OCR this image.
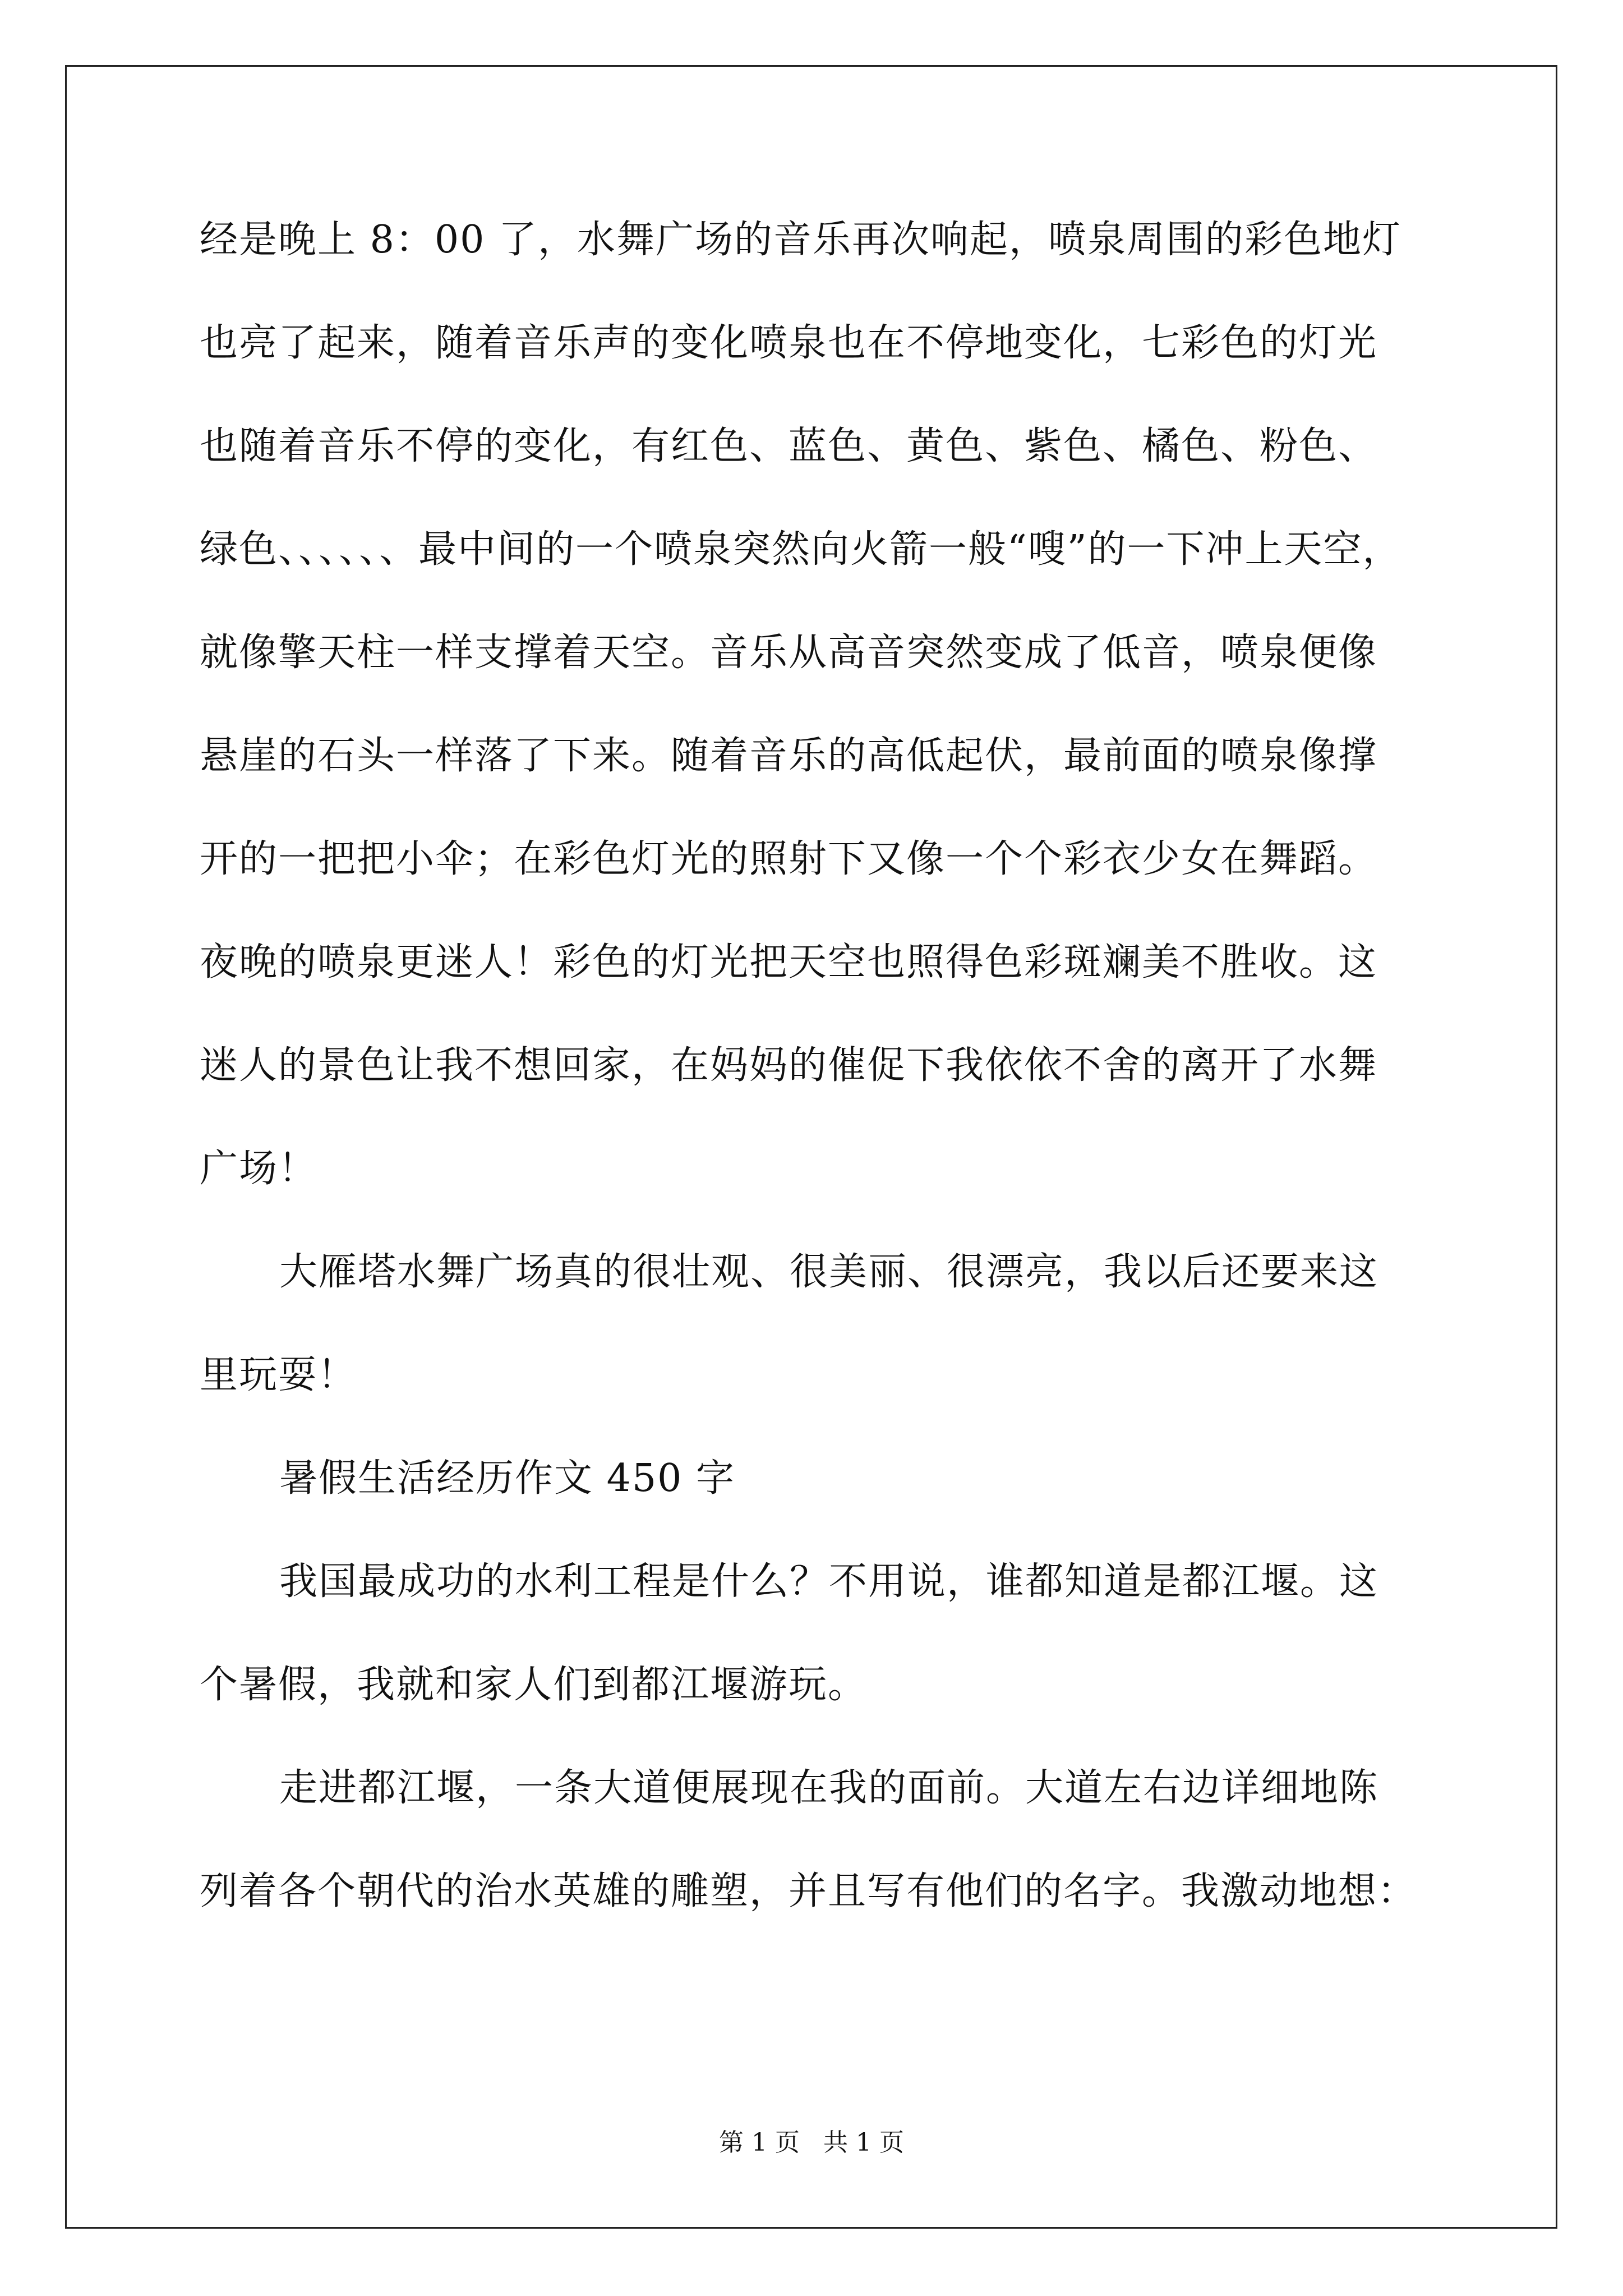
经是晚上 8：00 了，水舞广场的音乐再次响起，喷泉周围的彩色地灯
也亮了起来，随着音乐声的变化喷泉也在不停地变化，七彩色的灯光
也随着音乐不停的变化，有红色、蓝色、黄色、紫色、橘色、粉色、
绿色、、、、、、最中间的一个喷泉突然向火箭一般“嗖”的一下冲上天空，
就像擎天柱一样支撑着天空。音乐从高音突然变成了低音，喷泉便像
悬崖的石头一样落了下来。随着音乐的高低起伏，最前面的喷泉像撑
开的一把把小伞；在彩色灯光的照射下又像一个个彩衣少女在舞蹈。
夜晚的喷泉更迷人！彩色的灯光把天空也照得色彩斑斓美不胜收。这
迷人的景色让我不想回家，在妈妈的催促下我依依不舍的离开了水舞
广场！
大雁塔水舞广场真的很壮观、很美丽、很漂亮，我以后还要来这
里玩耍！
暑假生活经历作文 450 字
我国最成功的水利工程是什么？不用说，谁都知道是都江堰。这
个暑假，我就和家人们到都江堰游玩。
走进都江堰，一条大道便展现在我的面前。大道左右边详细地陈
列着各个朝代的治水英雄的雕塑，并且写有他们的名字。我激动地想：
第 1 页   共 1 页
